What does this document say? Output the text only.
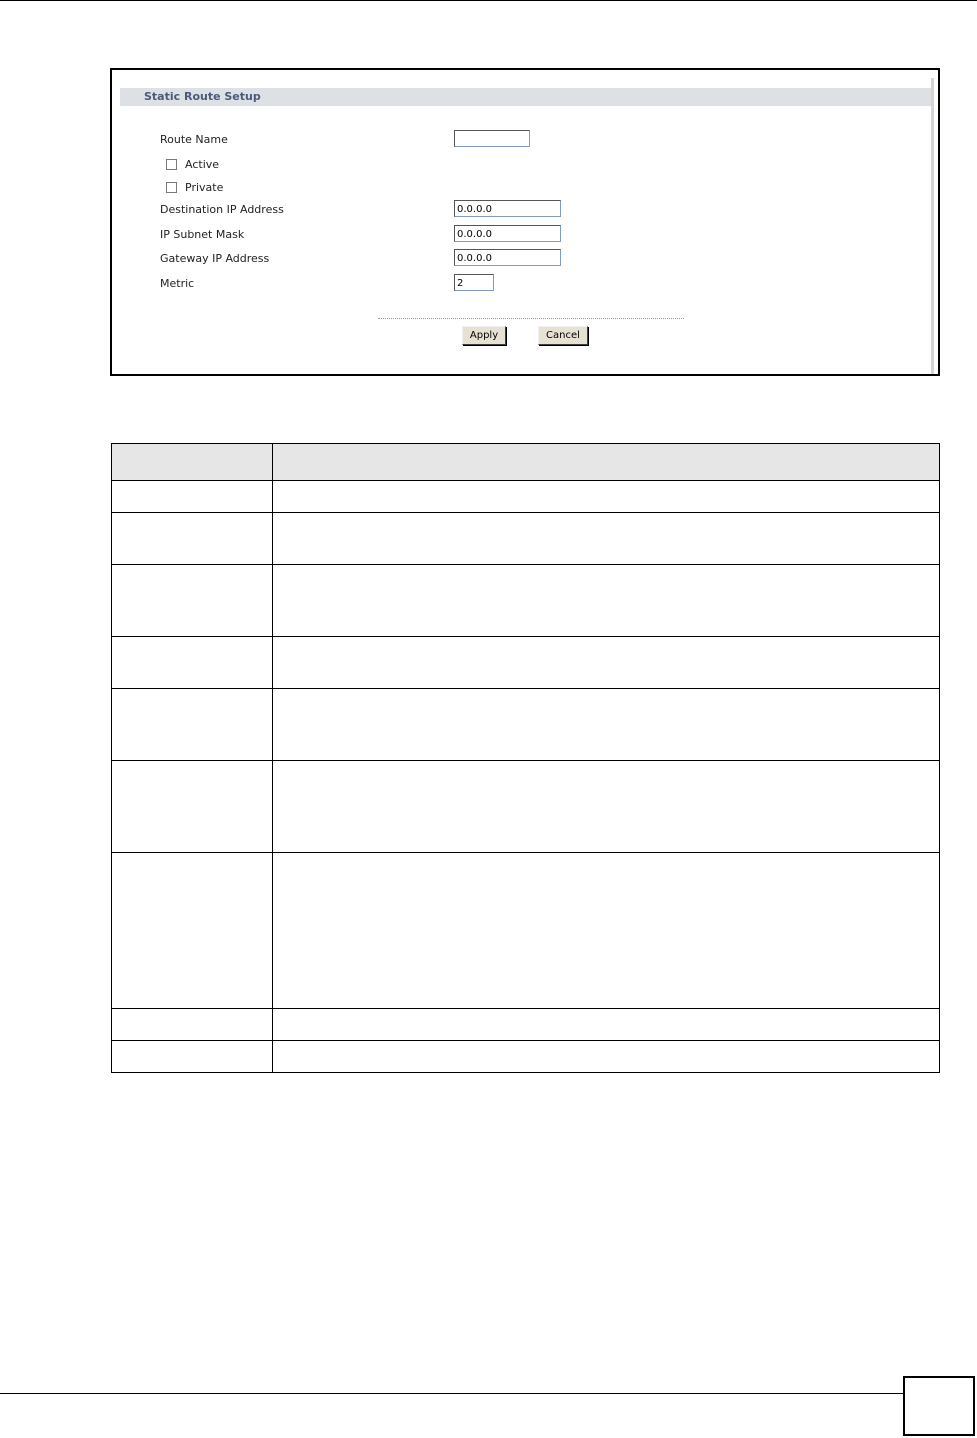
Static Route Setup
Route Name
Active
Private
Destination IP Address	0.0.0.0
IP Subnet Mask	0.0.0.0
Gateway IP Address	0.0.0.0
Metric	2
Apply	Cancel
